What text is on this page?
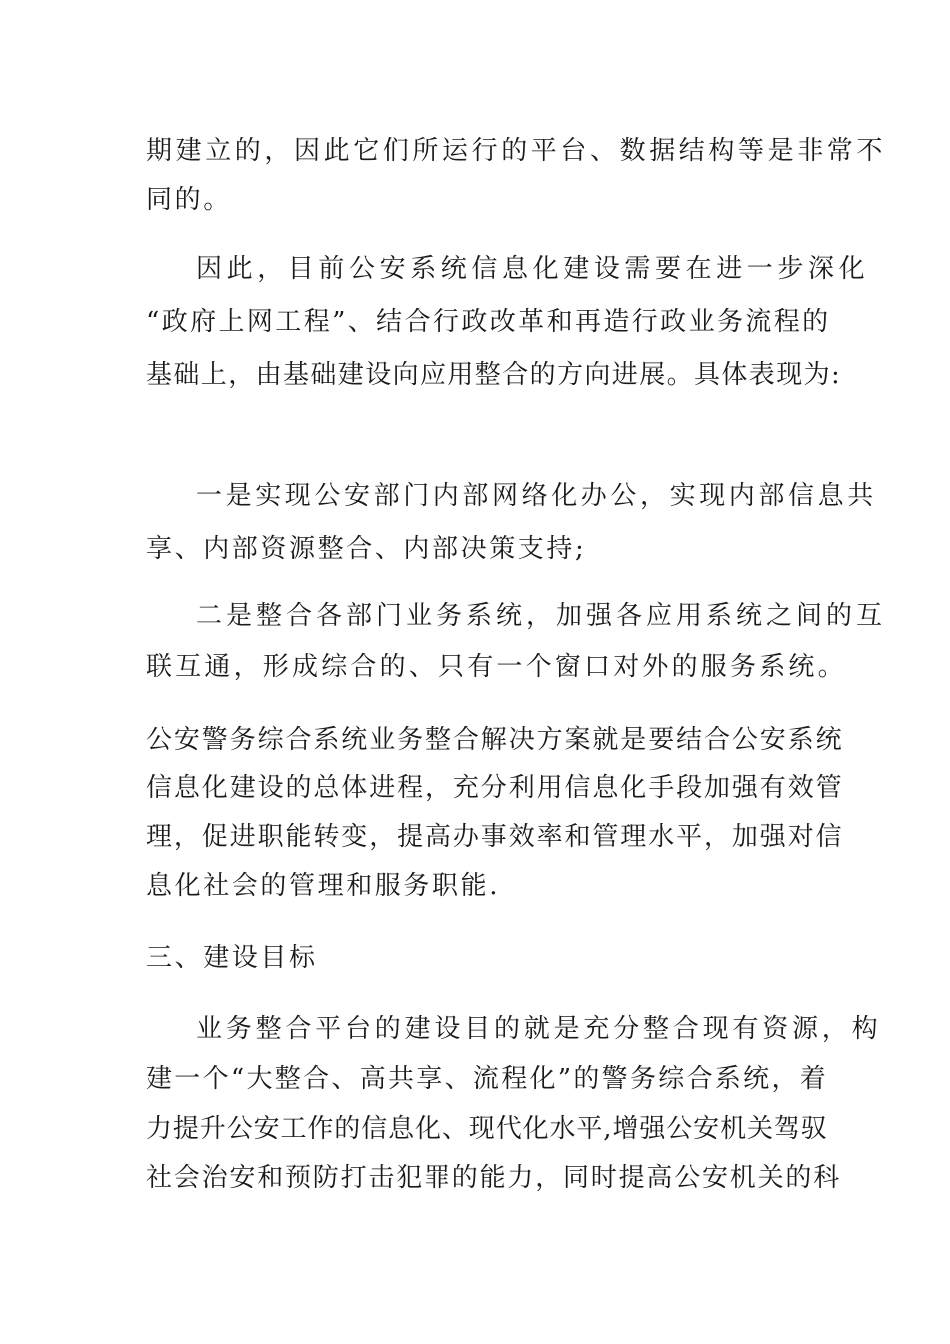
期建立的，因此它们所运行的平台、数据结构等是非常不
同的。
因此，目前公安系统信息化建设需要在进一步深化
“政府上网工程”、结合行政改革和再造行政业务流程的
基础上，由基础建设向应用整合的方向进展。具体表现为:
一是实现公安部门内部网络化办公，实现内部信息共
享、内部资源整合、内部决策支持;
二是整合各部门业务系统，加强各应用系统之间的互
联互通，形成综合的、只有一个窗口对外的服务系统。
公安警务综合系统业务整合解决方案就是要结合公安系统
信息化建设的总体进程，充分利用信息化手段加强有效管
理，促进职能转变，提高办事效率和管理水平，加强对信
息化社会的管理和服务职能.
三、建设目标
业务整合平台的建设目的就是充分整合现有资源，构
建一个“大整合、高共享、流程化”的警务综合系统，着
力提升公安工作的信息化、现代化水平,增强公安机关驾驭
社会治安和预防打击犯罪的能力，同时提高公安机关的科
